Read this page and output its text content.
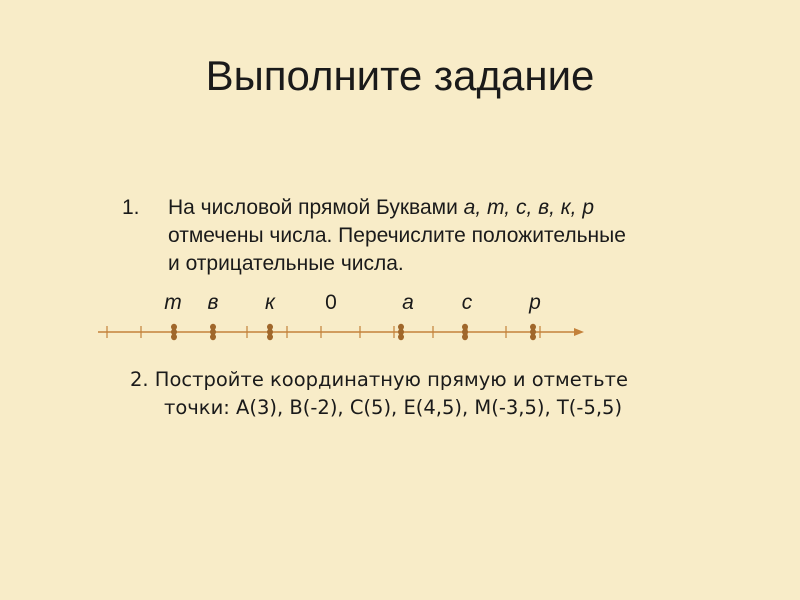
Выполните задание
1. На числовой прямой Буквами а, т, с, в, к, р
отмечены числа. Перечислите положительные
и отрицательные числа.
т в к 0	а с	р
2. Постройте координатную прямую и отметьте
точки: А(3), В(-2), С(5), Е(4,5), М(-3,5), Т(-5,5)
